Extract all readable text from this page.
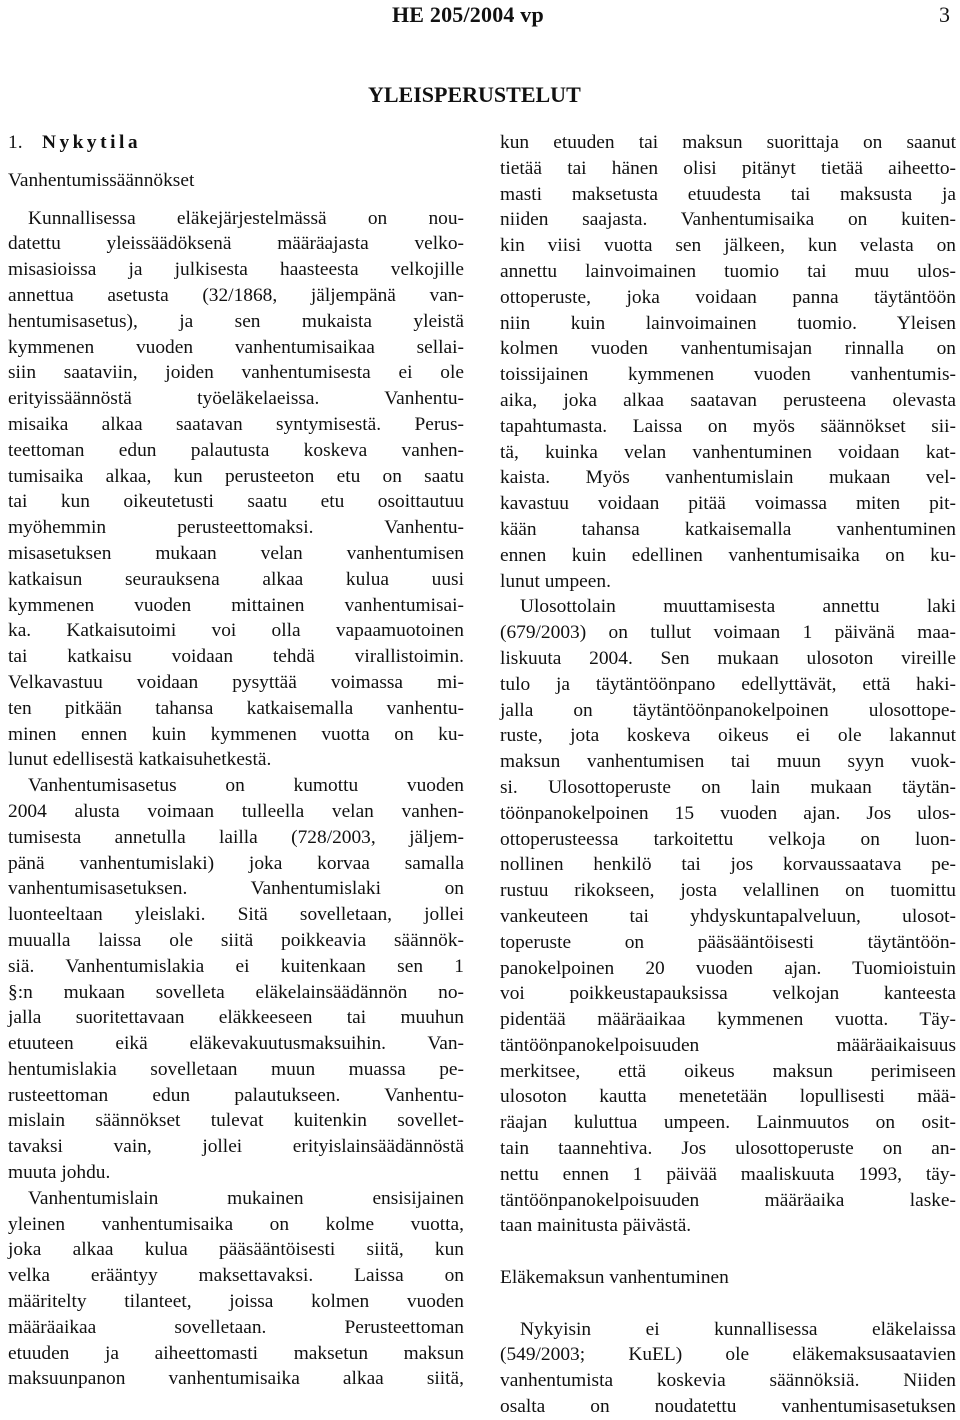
HE 205/2004 vp	3
YLEISPERUSTELUT
1. Nykytila
Vanhentumissäännökset
Kunnallisessa eläkejärjestelmässä on nou-
datettu yleissäädöksenä määräajasta velko-
misasioissa ja julkisesta haasteesta velkojille
annettua asetusta (32/1868, jäljempänä van-
hentumisasetus), ja sen mukaista yleistä
kymmenen vuoden vanhentumisaikaa sellai-
siin saataviin, joiden vanhentumisesta ei ole
erityissäännöstä työeläkelaeissa. Vanhentu-
misaika alkaa saatavan syntymisestä. Perus-
teettoman edun palautusta koskeva vanhen-
tumisaika alkaa, kun perusteeton etu on saatu
tai kun oikeutetusti saatu etu osoittautuu
myöhemmin perusteettomaksi. Vanhentu-
misasetuksen mukaan velan vanhentumisen
katkaisun seurauksena alkaa kulua uusi
kymmenen vuoden mittainen vanhentumisai-
ka. Katkaisutoimi voi olla vapaamuotoinen
tai katkaisu voidaan tehdä virallistoimin.
Velkavastuu voidaan pysyttää voimassa mi-
ten pitkään tahansa katkaisemalla vanhentu-
minen ennen kuin kymmenen vuotta on ku-
lunut edellisestä katkaisuhetkestä.
Vanhentumisasetus on kumottu vuoden
2004 alusta voimaan tulleella velan vanhen-
tumisesta annetulla lailla (728/2003, jäljem-
pänä vanhentumislaki) joka korvaa samalla
vanhentumisasetuksen. Vanhentumislaki on
luonteeltaan yleislaki. Sitä sovelletaan, jollei
muualla laissa ole siitä poikkeavia säännök-
siä. Vanhentumislakia ei kuitenkaan sen 1
§:n mukaan sovelleta eläkelainsäädännön no-
jalla suoritettavaan eläkkeeseen tai muuhun
etuuteen eikä eläkevakuutusmaksuihin. Van-
hentumislakia sovelletaan muun muassa pe-
rusteettoman edun palautukseen. Vanhentu-
mislain säännökset tulevat kuitenkin sovellet-
tavaksi vain, jollei erityislainsäädännöstä
muuta johdu.
Vanhentumislain mukainen ensisijainen
yleinen vanhentumisaika on kolme vuotta,
joka alkaa kulua pääsääntöisesti siitä, kun
velka erääntyy maksettavaksi. Laissa on
määritelty tilanteet, joissa kolmen vuoden
määräaikaa sovelletaan. Perusteettoman
etuuden ja aiheettomasti maksetun maksun
maksuunpanon vanhentumisaika alkaa siitä,
kun etuuden tai maksun suorittaja on saanut
tietää tai hänen olisi pitänyt tietää aiheetto-
masti maksetusta etuudesta tai maksusta ja
niiden saajasta. Vanhentumisaika on kuiten-
kin viisi vuotta sen jälkeen, kun velasta on
annettu lainvoimainen tuomio tai muu ulos-
ottoperuste, joka voidaan panna täytäntöön
niin kuin lainvoimainen tuomio. Yleisen
kolmen vuoden vanhentumisajan rinnalla on
toissijainen kymmenen vuoden vanhentumis-
aika, joka alkaa saatavan perusteena olevasta
tapahtumasta. Laissa on myös säännökset sii-
tä, kuinka velan vanhentuminen voidaan kat-
kaista. Myös vanhentumislain mukaan vel-
kavastuu voidaan pitää voimassa miten pit-
kään tahansa katkaisemalla vanhentuminen
ennen kuin edellinen vanhentumisaika on ku-
lunut umpeen.
Ulosottolain muuttamisesta annettu laki
(679/2003) on tullut voimaan 1 päivänä maa-
liskuuta 2004. Sen mukaan ulosoton vireille
tulo ja täytäntöönpano edellyttävät, että haki-
jalla on täytäntöönpanokelpoinen ulosottope-
ruste, jota koskeva oikeus ei ole lakannut
maksun vanhentumisen tai muun syyn vuok-
si. Ulosottoperuste on lain mukaan täytän-
töönpanokelpoinen 15 vuoden ajan. Jos ulos-
ottoperusteessa tarkoitettu velkoja on luon-
nollinen henkilö tai jos korvaussaatava pe-
rustuu rikokseen, josta velallinen on tuomittu
vankeuteen tai yhdyskuntapalveluun, ulosot-
toperuste on pääsääntöisesti täytäntöön-
panokelpoinen 20 vuoden ajan. Tuomioistuin
voi poikkeustapauksissa velkojan kanteesta
pidentää määräaikaa kymmenen vuotta. Täy-
täntöönpanokelpoisuuden määräaikaisuus
merkitsee, että oikeus maksun perimiseen
ulosoton kautta menetetään lopullisesti mää-
räajan kuluttua umpeen. Lainmuutos on osit-
tain taannehtiva. Jos ulosottoperuste on an-
nettu ennen 1 päivää maaliskuuta 1993, täy-
täntöönpanokelpoisuuden määräaika laske-
taan mainitusta päivästä.
Eläkemaksun vanhentuminen
Nykyisin ei kunnallisessa eläkelaissa
(549/2003; KuEL) ole eläkemaksusaatavien
vanhentumista koskevia säännöksiä. Niiden
osalta on noudatettu vanhentumisasetuksen
